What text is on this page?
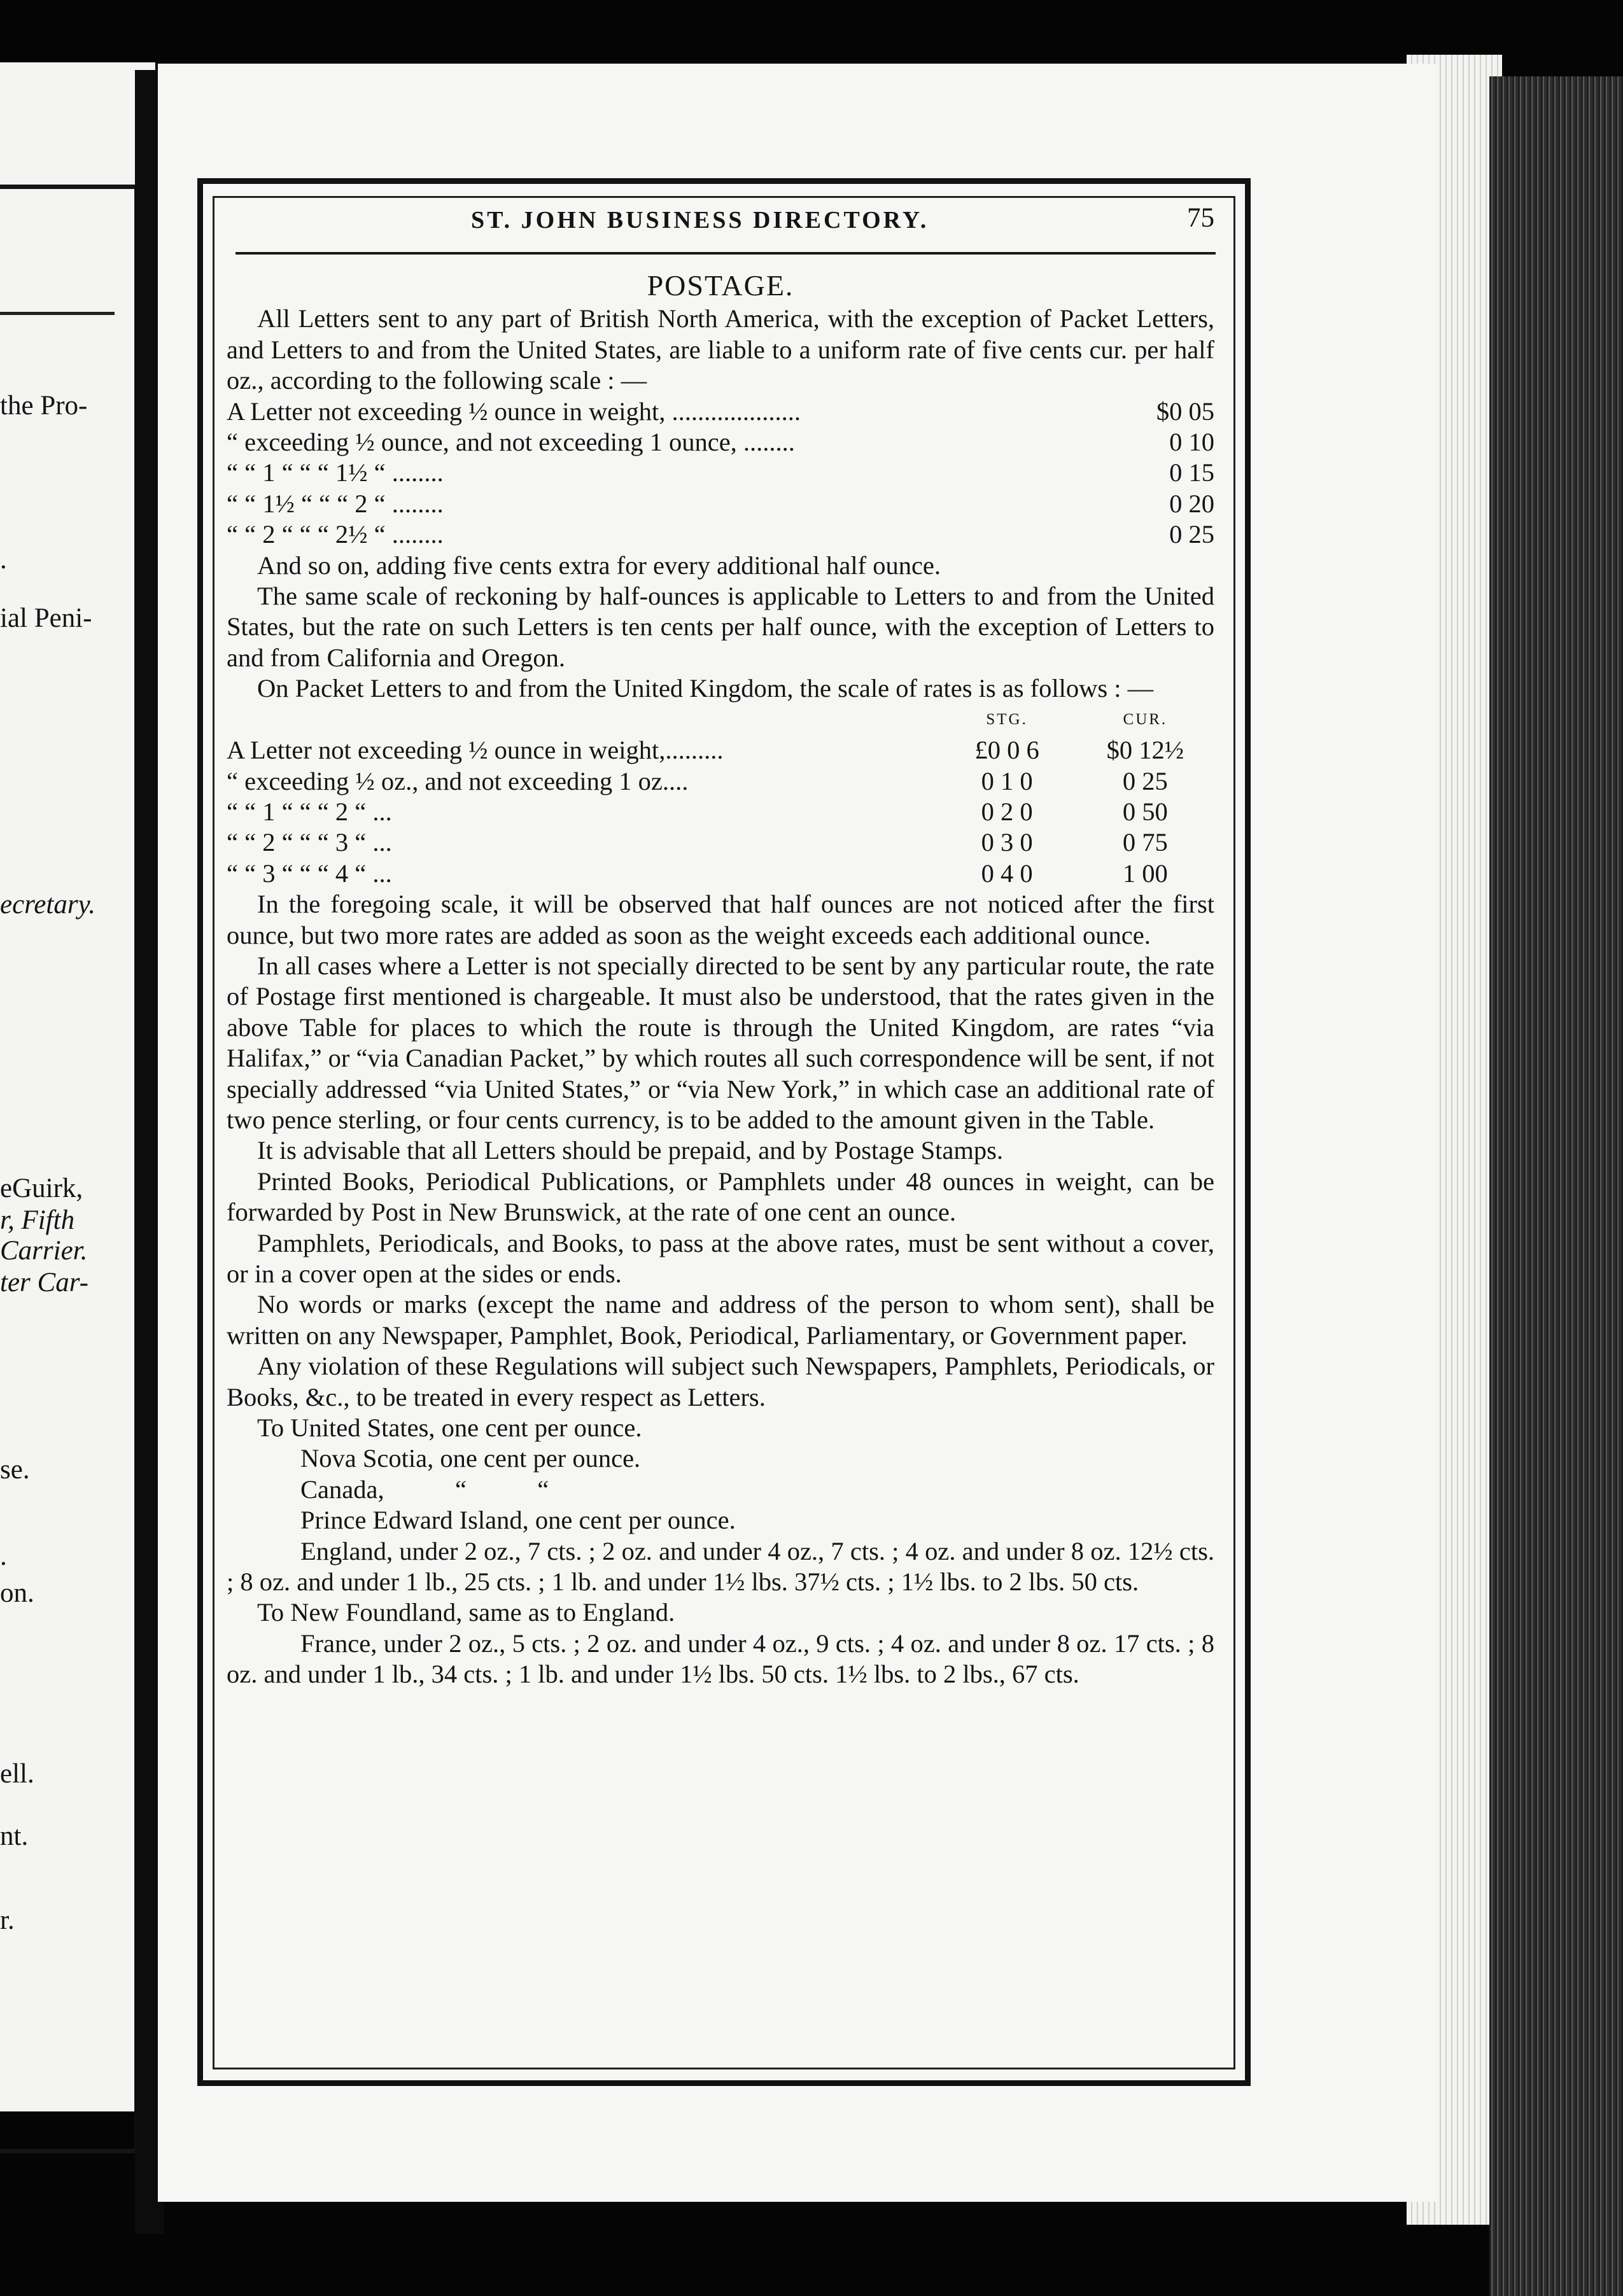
the Pro-
.
ial Peni-
ecretary.
eGuirk,
r, Fifth
Carrier.
ter Car-
se.
.
on.
ell.
nt.
r.
ST. JOHN BUSINESS DIRECTORY.	75
POSTAGE.

All Letters sent to any part of British North America, with the exception of Packet Letters, and Letters to and from the United States, are liable to a uniform rate of five cents cur. per half oz., according to the following scale : —

A Letter not exceeding ½ ounce in weight, ....................	$0 05
“ exceeding ½ ounce, and not exceeding 1 ounce, ........	0 10
“ “ 1 “ “ “ 1½ “ ........	0 15
“ “ 1½ “ “ “ 2 “ ........	0 20
“ “ 2 “ “ “ 2½ “ ........	0 25

And so on, adding five cents extra for every additional half ounce.

The same scale of reckoning by half-ounces is applicable to Letters to and from the United States, but the rate on such Letters is ten cents per half ounce, with the exception of Letters to and from California and Oregon.

On Packet Letters to and from the United Kingdom, the scale of rates is as follows : —

	STG.	CUR.
A Letter not exceeding ½ ounce in weight,.........	£0 0 6	$0 12½
“ exceeding ½ oz., and not exceeding 1 oz....	0 1 0	0 25
“ “ 1 “ “ “ 2 “ ...	0 2 0	0 50
“ “ 2 “ “ “ 3 “ ...	0 3 0	0 75
“ “ 3 “ “ “ 4 “ ...	0 4 0	1 00

In the foregoing scale, it will be observed that half ounces are not noticed after the first ounce, but two more rates are added as soon as the weight exceeds each additional ounce.

In all cases where a Letter is not specially directed to be sent by any particular route, the rate of Postage first mentioned is chargeable. It must also be understood, that the rates given in the above Table for places to which the route is through the United Kingdom, are rates “via Halifax,” or “via Canadian Packet,” by which routes all such correspondence will be sent, if not specially addressed “via United States,” or “via New York,” in which case an additional rate of two pence sterling, or four cents currency, is to be added to the amount given in the Table.

It is advisable that all Letters should be prepaid, and by Postage Stamps.

Printed Books, Periodical Publications, or Pamphlets under 48 ounces in weight, can be forwarded by Post in New Brunswick, at the rate of one cent an ounce.

Pamphlets, Periodicals, and Books, to pass at the above rates, must be sent without a cover, or in a cover open at the sides or ends.

No words or marks (except the name and address of the person to whom sent), shall be written on any Newspaper, Pamphlet, Book, Periodical, Parliamentary, or Government paper.

Any violation of these Regulations will subject such Newspapers, Pamphlets, Periodicals, or Books, &c., to be treated in every respect as Letters.

To United States, one cent per ounce.

Nova Scotia, one cent per ounce.

Canada,           “           “

Prince Edward Island, one cent per ounce.

England, under 2 oz., 7 cts. ; 2 oz. and under 4 oz., 7 cts. ; 4 oz. and under 8 oz. 12½ cts. ; 8 oz. and under 1 lb., 25 cts. ; 1 lb. and under 1½ lbs. 37½ cts. ; 1½ lbs. to 2 lbs. 50 cts.

To New Foundland, same as to England.

France, under 2 oz., 5 cts. ; 2 oz. and under 4 oz., 9 cts. ; 4 oz. and under 8 oz. 17 cts. ; 8 oz. and under 1 lb., 34 cts. ; 1 lb. and under 1½ lbs. 50 cts. 1½ lbs. to 2 lbs., 67 cts.
